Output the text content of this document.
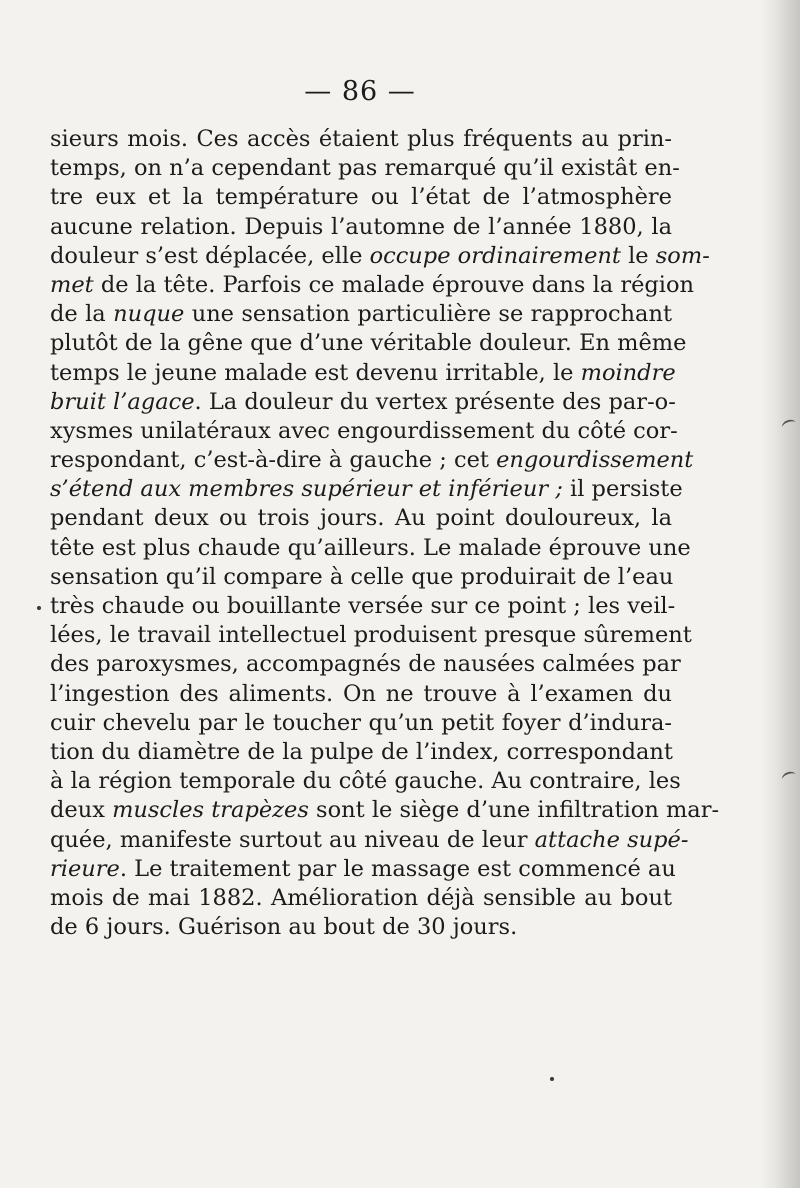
— 86 —
sieurs mois. Ces accès étaient plus fréquents au prin-
temps, on n’a cependant pas remarqué qu’il existât en-
tre eux et la température ou l’état de l’atmosphère
aucune relation. Depuis l’automne de l’année 1880, la
douleur s’est déplacée, elle occupe ordinairement le som-
met de la tête. Parfois ce malade éprouve dans la région
de la nuque une sensation particulière se rapprochant
plutôt de la gêne que d’une véritable douleur. En même
temps le jeune malade est devenu irritable, le moindre
bruit l’agace. La douleur du vertex présente des par-o-
xysmes unilatéraux avec engourdissement du côté cor-
respondant, c’est-à-dire à gauche ; cet engourdissement
s’étend aux membres supérieur et inférieur ; il persiste
pendant deux ou trois jours. Au point douloureux, la
tête est plus chaude qu’ailleurs. Le malade éprouve une
sensation qu’il compare à celle que produirait de l’eau
très chaude ou bouillante versée sur ce point ; les veil-
lées, le travail intellectuel produisent presque sûrement
des paroxysmes, accompagnés de nausées calmées par
l’ingestion des aliments. On ne trouve à l’examen du
cuir chevelu par le toucher qu’un petit foyer d’indura-
tion du diamètre de la pulpe de l’index, correspondant
à la région temporale du côté gauche. Au contraire, les
deux muscles trapèzes sont le siège d’une infiltration mar-
quée, manifeste surtout au niveau de leur attache supé-
rieure. Le traitement par le massage est commencé au
mois de mai 1882. Amélioration déjà sensible au bout
de 6 jours. Guérison au bout de 30 jours.
